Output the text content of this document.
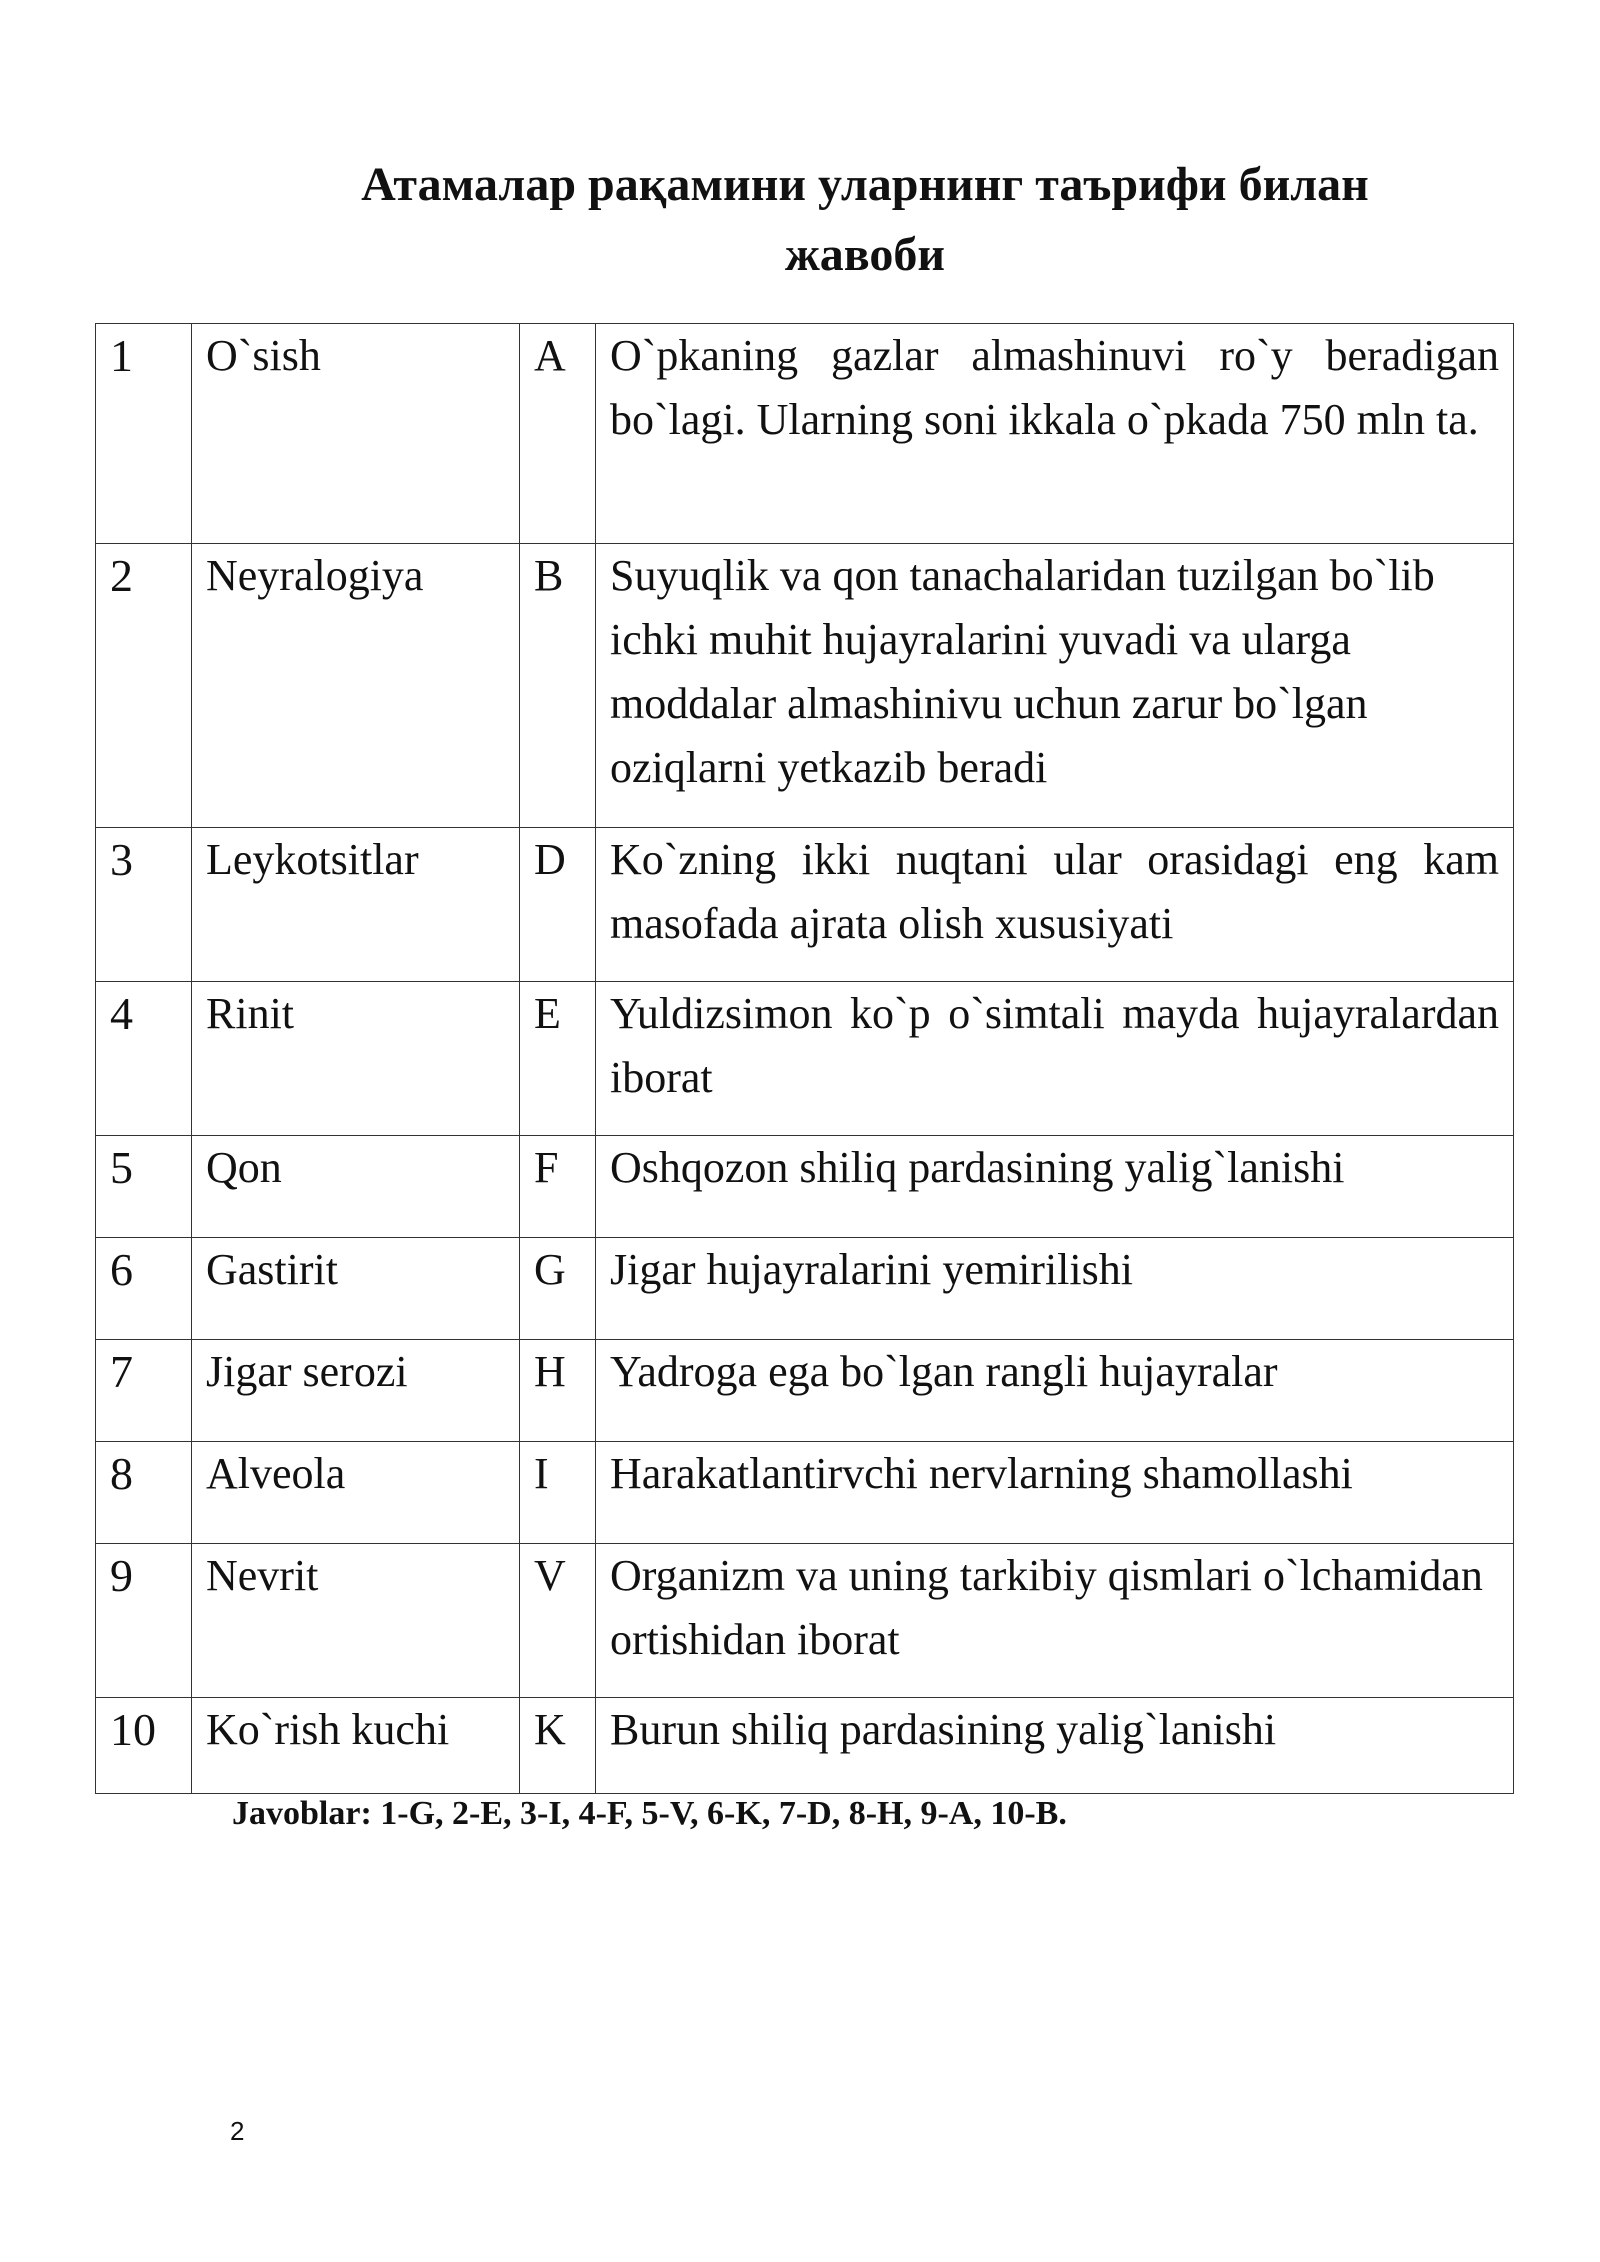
Атамалар рақамини уларнинг таърифи билан
жавоби
1	O`sish	A	O`pkaning gazlar almashinuvi ro`y beradigan bo`lagi. Ularning soni ikkala o`pkada 750 mln ta.
2	Neyralogiya	B	Suyuqlik va qon tanachalaridan tuzilgan bo`lib ichki muhit hujayralarini yuvadi va ularga moddalar almashinivu uchun zarur bo`lgan oziqlarni yetkazib beradi
3	Leykotsitlar	D	Ko`zning ikki nuqtani ular orasidagi eng kam masofada ajrata olish xususiyati
4	Rinit	E	Yuldizsimon ko`p o`simtali mayda hujayralardan iborat
5	Qon	F	Oshqozon shiliq pardasining yalig`lanishi
6	Gastirit	G	Jigar hujayralarini yemirilishi
7	Jigar serozi	H	Yadroga ega bo`lgan rangli hujayralar
8	Alveola	I	Harakatlantirvchi nervlarning shamollashi
9	Nevrit	V	Organizm va uning tarkibiy qismlari o`lchamidan ortishidan iborat
10	Ko`rish kuchi	K	Burun shiliq pardasining yalig`lanishi

Javoblar: 1-G, 2-E, 3-I, 4-F, 5-V, 6-K, 7-D, 8-H, 9-A, 10-B.

2
